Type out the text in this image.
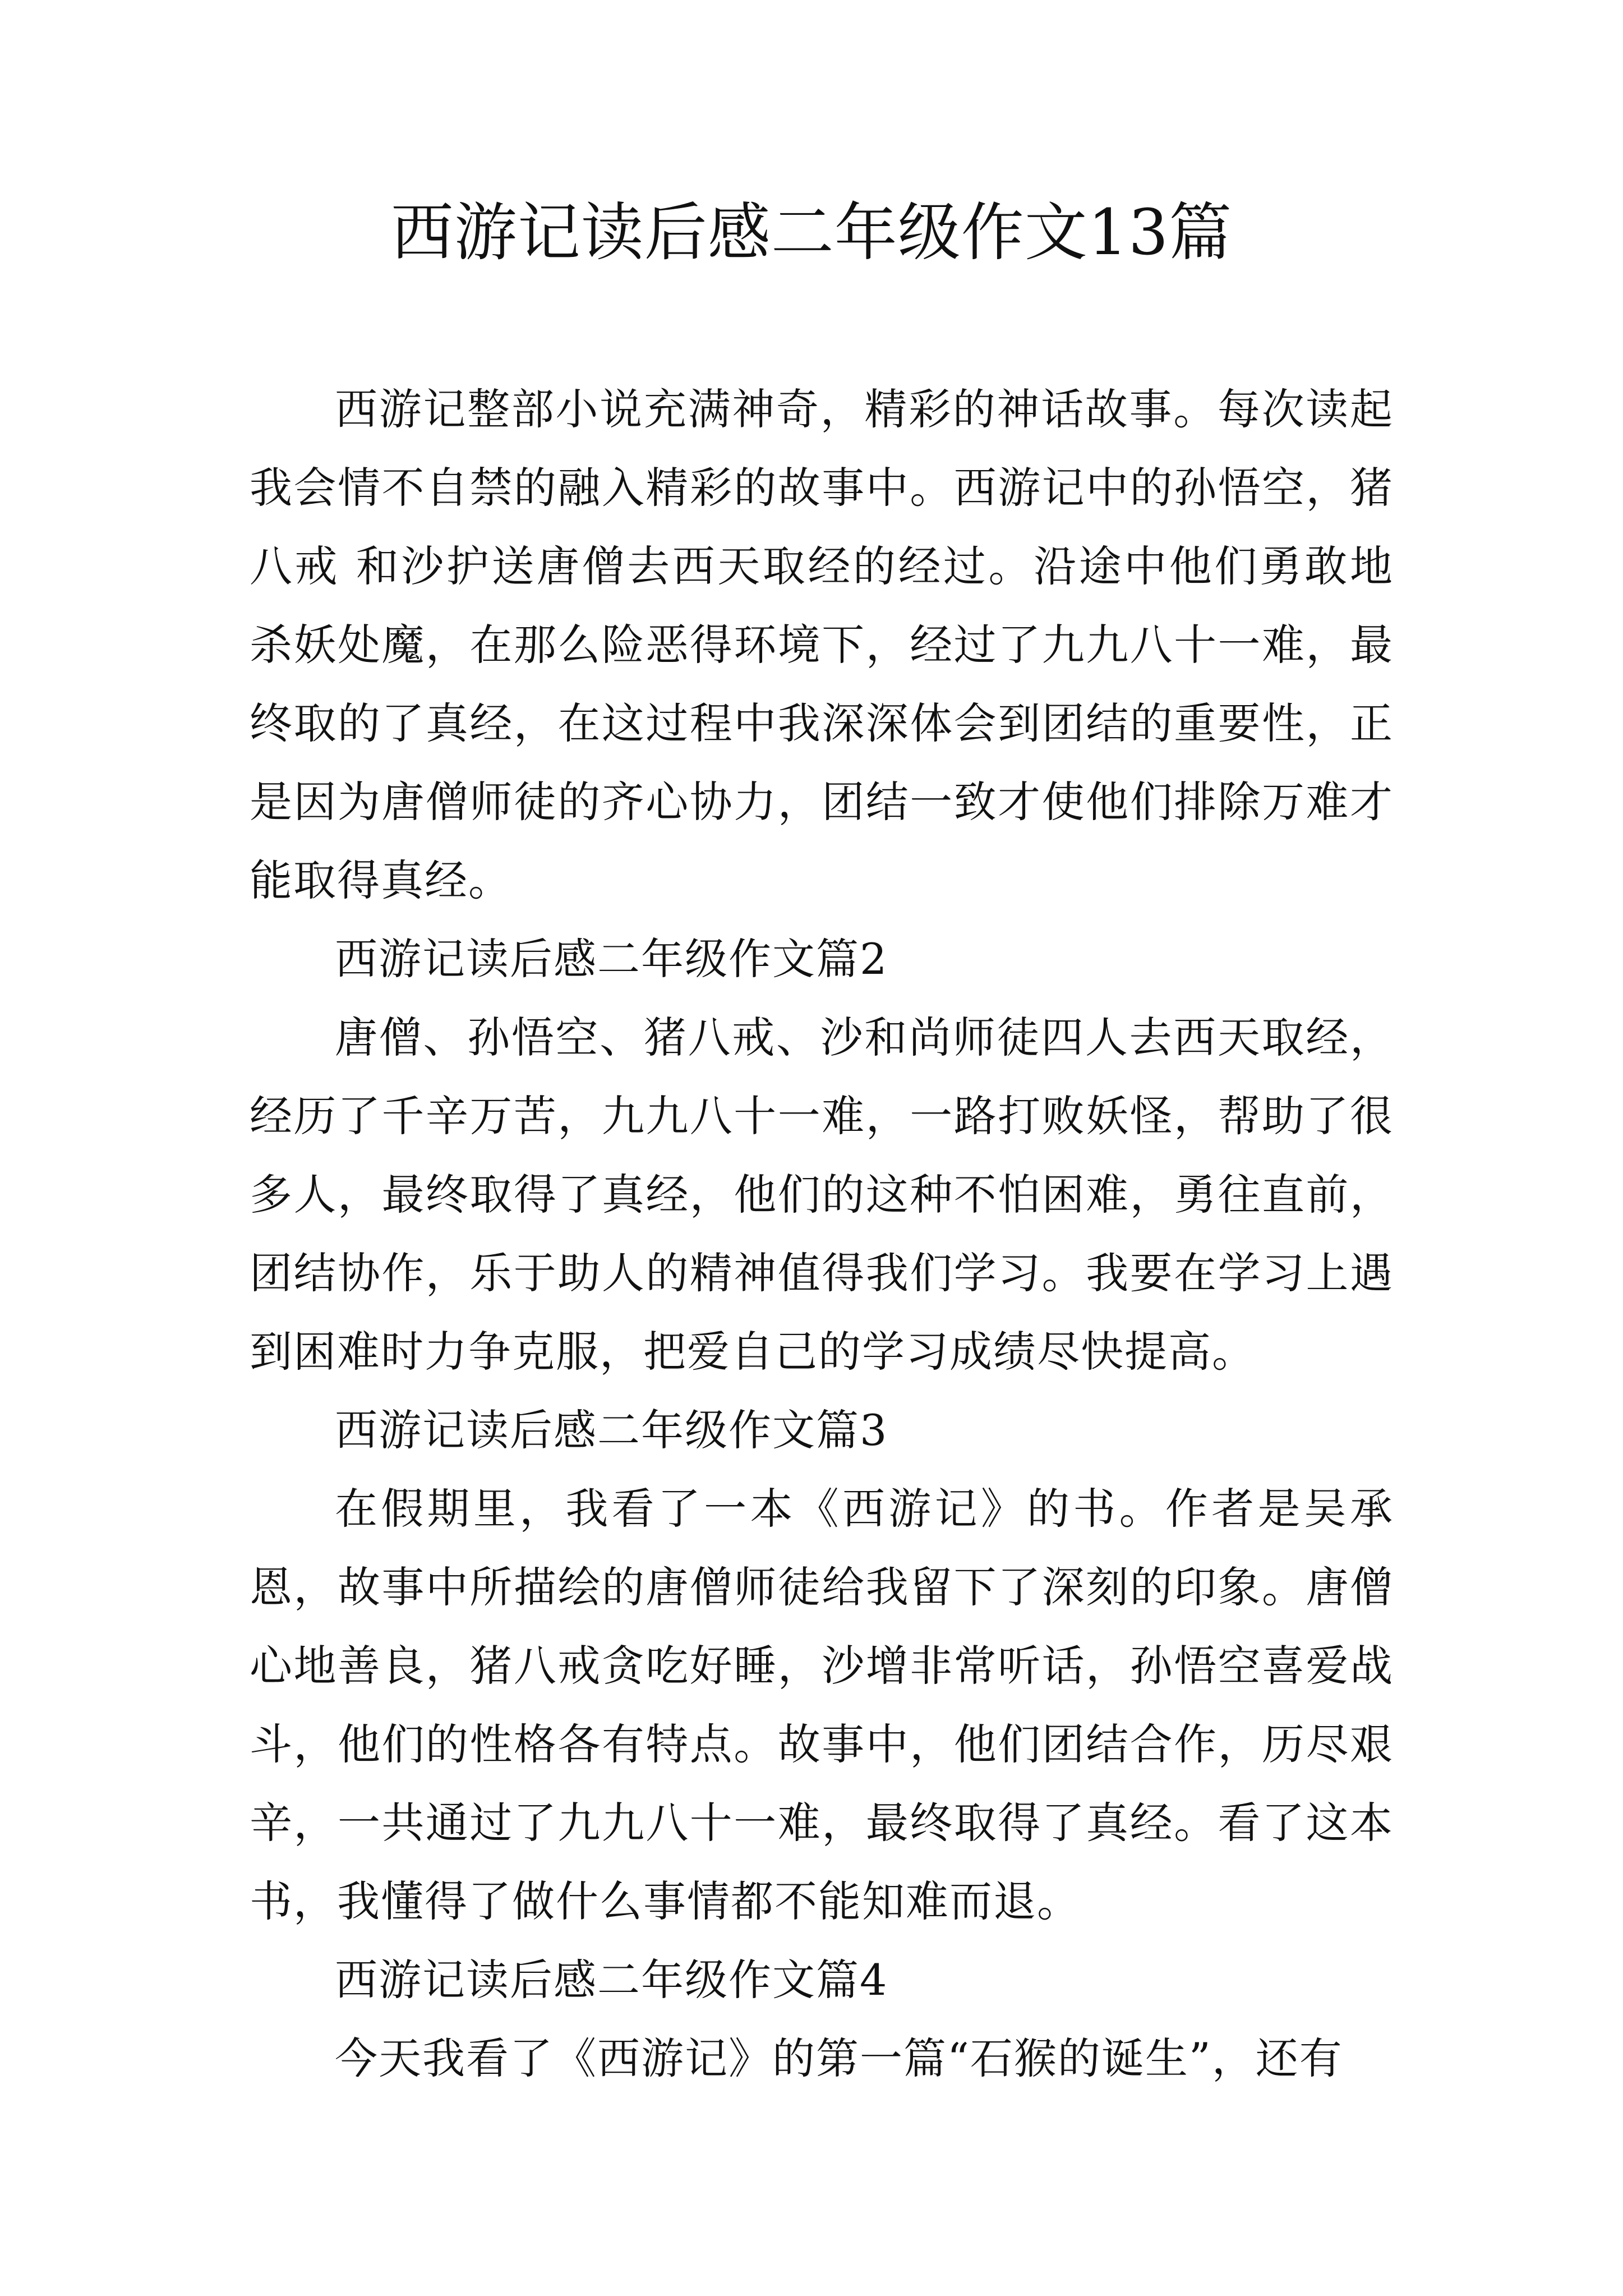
西游记读后感二年级作文13篇

西游记整部小说充满神奇，精彩的神话故事。每次读起我会情不自禁的融入精彩的故事中。西游记中的孙悟空，猪八戒 和沙护送唐僧去西天取经的经过。沿途中他们勇敢地杀妖处魔，在那么险恶得环境下，经过了九九八十一难，最终取的了真经，在这过程中我深深体会到团结的重要性，正是因为唐僧师徒的齐心协力，团结一致才使他们排除万难才能取得真经。

西游记读后感二年级作文篇2

唐僧、孙悟空、猪八戒、沙和尚师徒四人去西天取经，经历了千辛万苦，九九八十一难，一路打败妖怪，帮助了很多人，最终取得了真经，他们的这种不怕困难，勇往直前，团结协作，乐于助人的精神值得我们学习。我要在学习上遇到困难时力争克服，把爱自己的学习成绩尽快提高。

西游记读后感二年级作文篇3

在假期里，我看了一本《西游记》的书。作者是吴承恩，故事中所描绘的唐僧师徒给我留下了深刻的印象。唐僧心地善良，猪八戒贪吃好睡，沙增非常听话，孙悟空喜爱战斗，他们的性格各有特点。故事中，他们团结合作，历尽艰辛，一共通过了九九八十一难，最终取得了真经。看了这本书，我懂得了做什么事情都不能知难而退。

西游记读后感二年级作文篇4

今天我看了《西游记》的第一篇“石猴的诞生”，还有
